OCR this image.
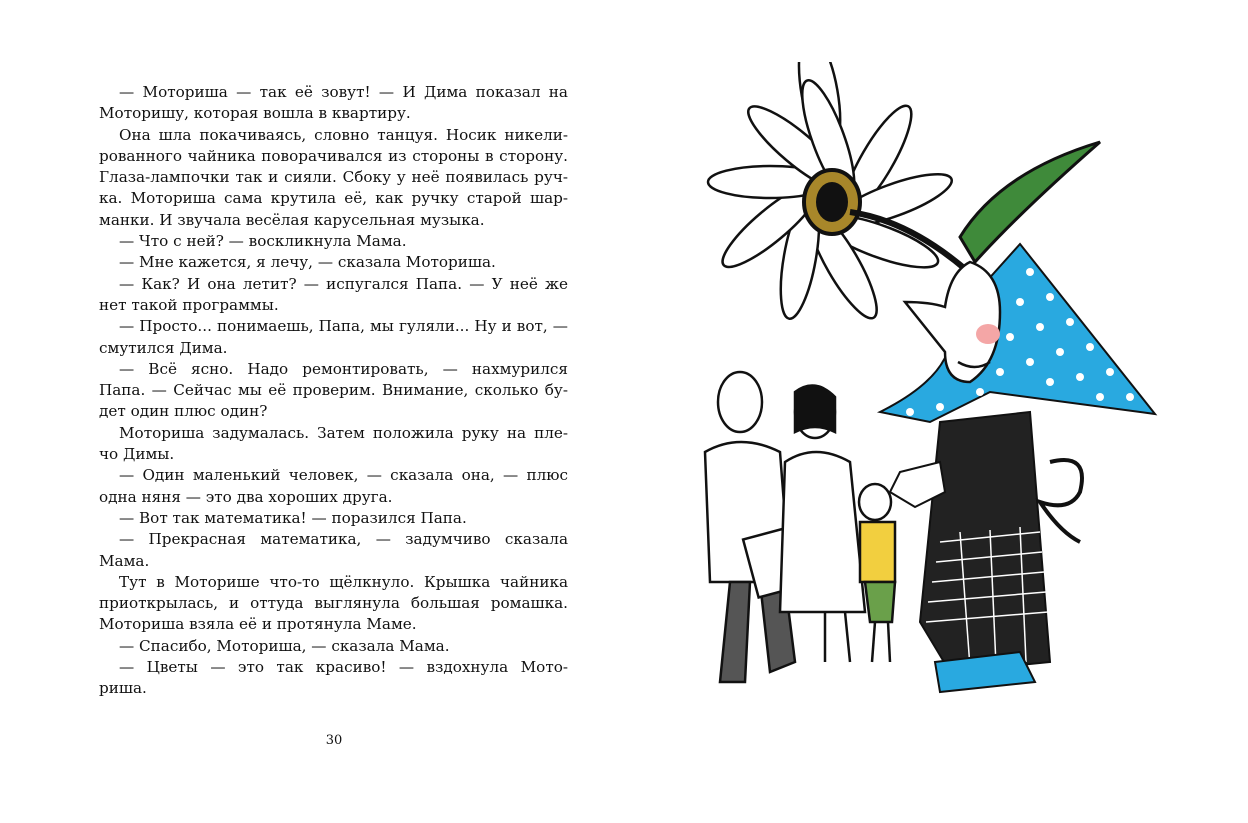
— Моториша — так её зовут! — И Дима показал на
Моторишу, которая вошла в квартиру.
Она шла покачиваясь, словно танцуя. Носик никели-
рованного чайника поворачивался из стороны в сторону.
Глаза-лампочки так и сияли. Сбоку у неё появилась руч-
ка. Моториша сама крутила её, как ручку старой шар-
манки. И звучала весёлая карусельная музыка.
— Что с ней? — воскликнула Мама.
— Мне кажется, я лечу, — сказала Моториша.
— Как? И она летит? — испугался Папа. — У неё же
нет такой программы.
— Просто... понимаешь, Папа, мы гуляли... Ну и вот, —
смутился Дима.
— Всё ясно. Надо ремонтировать, — нахмурился
Папа. — Сейчас мы её проверим. Внимание, сколько бу-
дет один плюс один?
Моториша задумалась. Затем положила руку на пле-
чо Димы.
— Один маленький человек, — сказала она, — плюс
одна няня — это два хороших друга.
— Вот так математика! — поразился Папа.
— Прекрасная математика, — задумчиво сказала
Мама.
Тут в Моторише что-то щёлкнуло. Крышка чайника
приоткрылась, и оттуда выглянула большая ромашка.
Моториша взяла её и протянула Маме.
— Спасибо, Моториша, — сказала Мама.
— Цветы — это так красиво! — вздохнула Мото-
риша.
30
